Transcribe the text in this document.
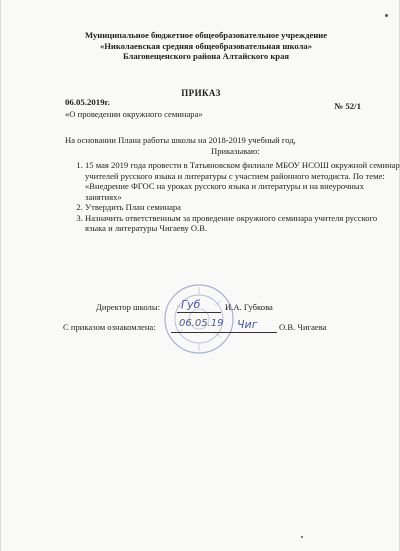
Муниципальное бюджетное общеобразовательное учреждение
«Николаевская средняя общеобразовательная школа»
Благовещенского района Алтайского края
ПРИКАЗ
06.05.2019г.	№ 52/1
«О проведении окружного семинара»
На основании Плана работы школы на 2018-2019 учебный год,
Приказываю:
1. 15 мая 2019 года провести в Татьяновском филиале МБОУ НСОШ окружной семинар учителей русского языка и литературы с участием районного методиста. По теме: «Внедрение ФГОС на уроках русского языка и литературы и на внеурочных занятиях»
2. Утвердить План семинара
3. Назначить ответственным за проведение окружного семинара учителя русского языка и литературы Чигаеву О.В.
Директор школы: Губ	И.А. Губкова
С приказом ознакомлена: 06.05.19 Чиг	О.В. Чигаева
